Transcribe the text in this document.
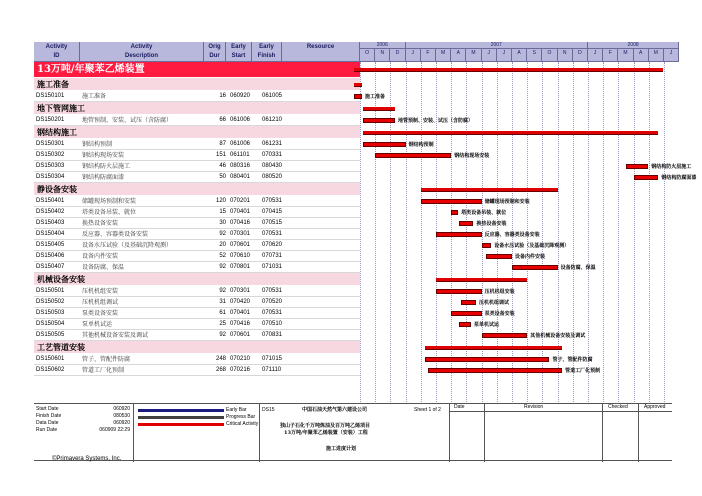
Activity
ID
Activity
Description
Orig
Dur
Early
Start
Early
Finish
Resource	2006	2007	2008
O	N	D	J	F	M	A	M	J	J	A	S	O	N	D	J	F	M	A	M	J
13万吨/年聚苯乙烯装置
施工准备
DS150101	施工准备	16 060920	061005	施工准备
地下管网施工
DS150201	地管预制、安装、试压（含防腐）	66 061006	061210	地管预制、安装、试压（含防腐）
钢结构施工
DS150301	钢结构预制	87 061006	061231	钢结构预制
DS150302	钢结构现场安装	151 061101	070331	钢结构现场安装
DS150303	钢结构防火层施工	46 080316	080430	钢结构防火层施工
DS150304	钢结构防腐面漆	50 080401	080520	钢结构防腐面漆
静设备安装
DS150401	储罐现场预制和安装	120 070201	070531	储罐现场预制和安装
DS150402	塔类设备吊装、就位	15 070401	070415	塔类设备吊装、就位
DS150403	换热设备安装	30 070416	070515	换热设备安装
DS150404	反应器、容器类设备安装	92 070301	070531	反应器、容器类设备安装
DS150405	设备水压试验（及基础沉降观测）	20 070601	070620	设备水压试验（及基础沉降观测）
DS150406	设备内件安装	52 070610	070731	设备内件安装
DS150407	设备防腐、保温	92 070801	071031	设备防腐、保温
机械设备安装
DS150501	压机机组安装	92 070301	070531	压机机组安装
DS150502	压机机组调试	31 070420	070520	压机机组调试
DS150503	泵类设备安装	61 070401	070531	泵类设备安装
DS150504	泵单机试运	25 070416	070510	泵单机试运
DS150505	其他机械设备安装及调试	92 070601	070831	其他机械设备安装及调试
工艺管道安装
DS150601	管子、管配件防腐	248 070210	071015	管子、管配件防腐
DS150602	管道工厂化预制	268 070216	071110	管道工厂化预制
Start Date
Finish Date
Data Date
Run Date
060920
080530
060920
060909 22:29
Early Bar
Progress Bar
Critical Activity
DS15	中国石油天然气第六建设公司	Sheet 1 of 2
独山子石化千万吨炼油及百万吨乙烯项目
13万吨/年聚苯乙烯装置（安装）工程
施工进度计划
Date	Revision	Checked	Approved
©Primavera Systems, Inc.
